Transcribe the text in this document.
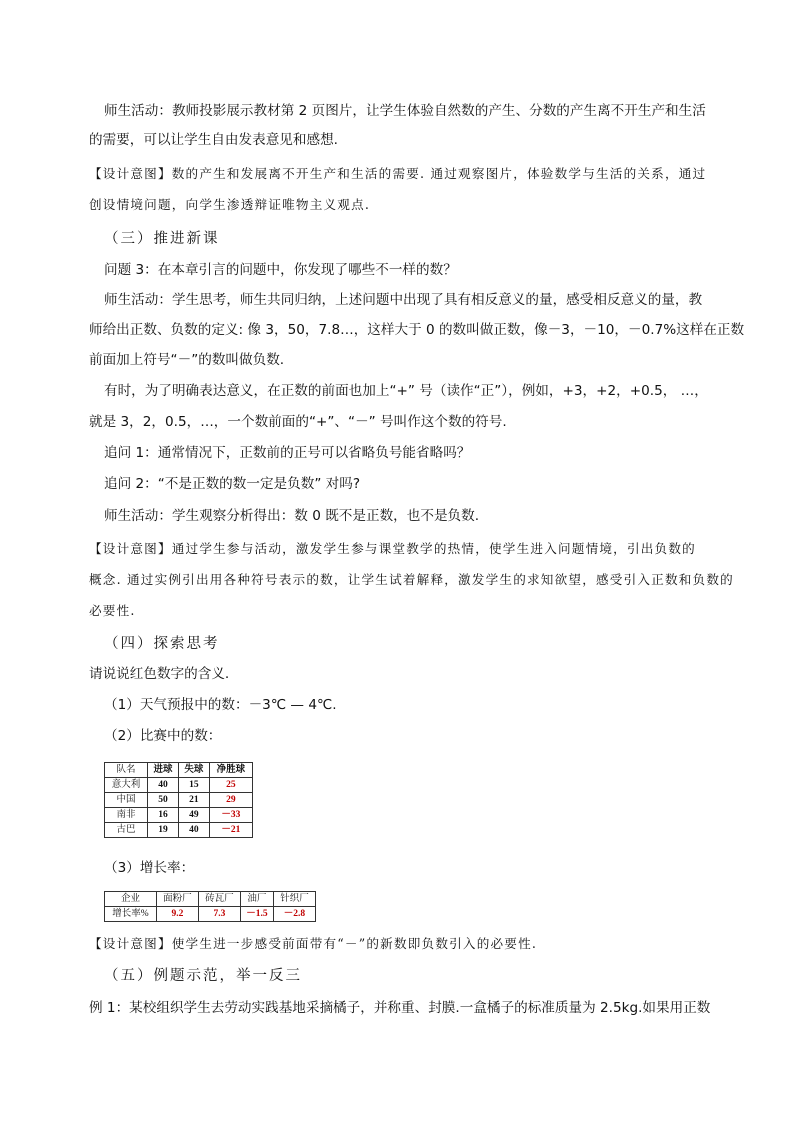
师生活动：教师投影展示教材第 2 页图片，让学生体验自然数的产生、分数的产生离不开生产和生活
的需要，可以让学生自由发表意见和感想.
【设计意图】数的产生和发展离不开生产和生活的需要. 通过观察图片，体验数学与生活的关系，通过
创设情境问题，向学生渗透辩证唯物主义观点.
（三）推进新课
问题 3：在本章引言的问题中，你发现了哪些不一样的数？
师生活动：学生思考，师生共同归纳，上述问题中出现了具有相反意义的量，感受相反意义的量，教
师给出正数、负数的定义: 像 3，50，7.8…，这样大于 0 的数叫做正数，像－3，－10，－0.7%这样在正数
前面加上符号“－”的数叫做负数.
有时，为了明确表达意义，在正数的前面也加上“+” 号（读作“正”），例如，+3，+2，+0.5， …，
就是 3，2，0.5，…，一个数前面的“+”、“－” 号叫作这个数的符号.
追问 1：通常情况下，正数前的正号可以省略负号能省略吗？
追问 2：“不是正数的数一定是负数” 对吗?
师生活动：学生观察分析得出：数 0 既不是正数，也不是负数.
【设计意图】通过学生参与活动，激发学生参与课堂教学的热情，使学生进入问题情境，引出负数的
概念. 通过实例引出用各种符号表示的数，让学生试着解释，激发学生的求知欲望，感受引入正数和负数的
必要性.
（四）探索思考
请说说红色数字的含义.
（1）天气预报中的数：－3℃ — 4℃.
（2）比赛中的数：
队名	进球	失球	净胜球
意大利	40	15	25
中国	50	21	29
南非	16	49	－33
古巴	19	40	－21
（3）增长率：
企业	面粉厂	砖瓦厂	油厂	针织厂
增长率%	9.2	7.3	－1.5	－2.8
【设计意图】使学生进一步感受前面带有“－”的新数即负数引入的必要性.
（五）例题示范，举一反三
例 1：某校组织学生去劳动实践基地采摘橘子，并称重、封膜.一盒橘子的标准质量为 2.5kg.如果用正数
